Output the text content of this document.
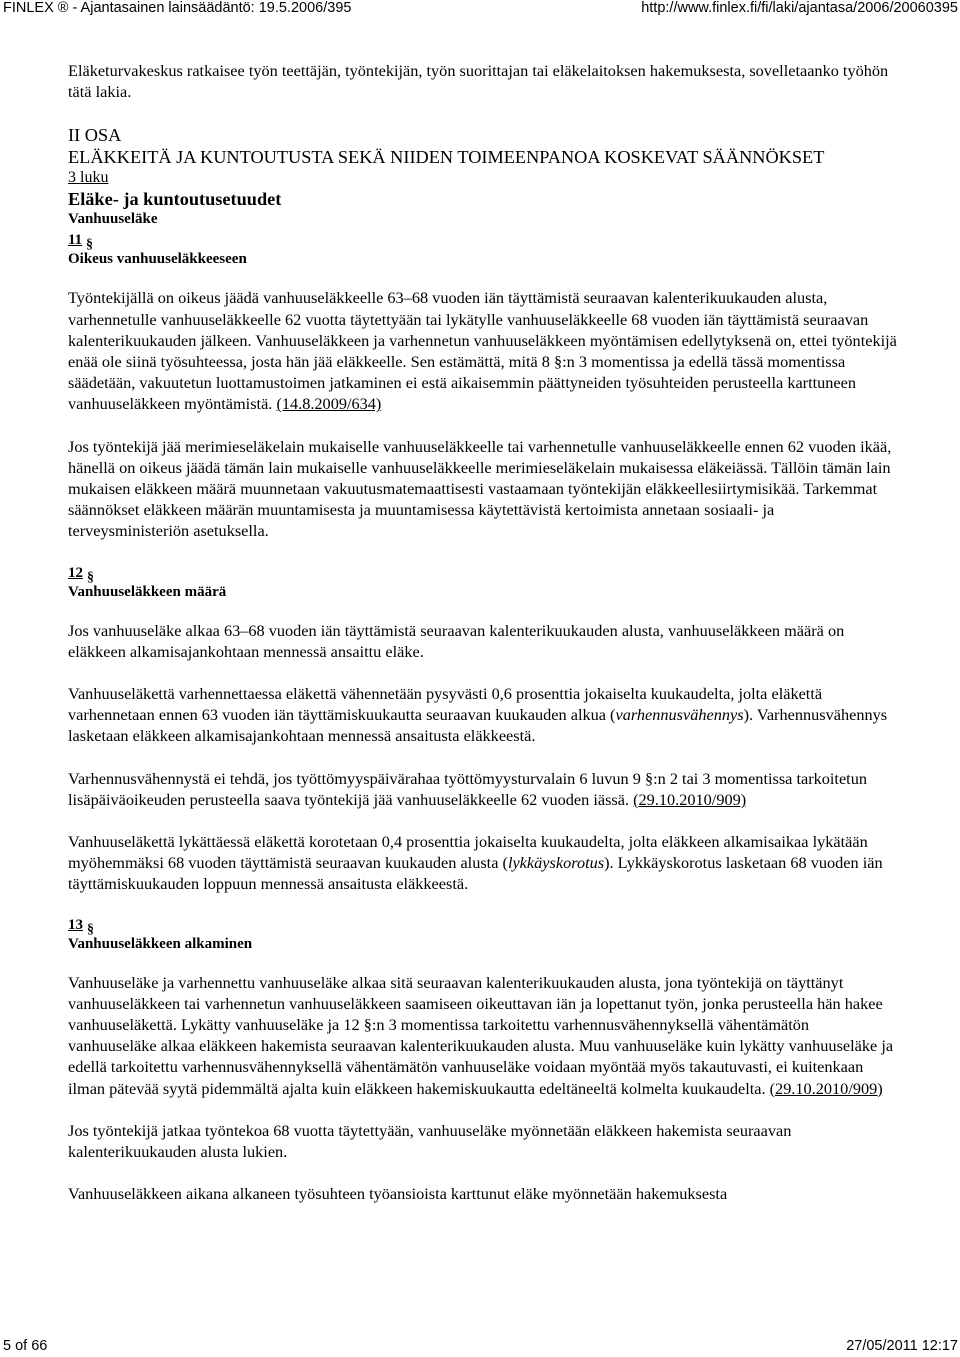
FINLEX ® - Ajantasainen lainsäädäntö: 19.5.2006/395	http://www.finlex.fi/fi/laki/ajantasa/2006/20060395

Eläketurvakeskus ratkaisee työn teettäjän, työntekijän, työn suorittajan tai eläkelaitoksen hakemuksesta, sovelletaanko työhön tätä lakia.

II OSA
ELÄKKEITÄ JA KUNTOUTUSTA SEKÄ NIIDEN TOIMEENPANOA KOSKEVAT SÄÄNNÖKSET
3 luku
Eläke- ja kuntoutusetuudet
Vanhuuseläke
11 §
Oikeus vanhuuseläkkeeseen

Työntekijällä on oikeus jäädä vanhuuseläkkeelle 63–68 vuoden iän täyttämistä seuraavan kalenterikuukauden alusta, varhennetulle vanhuuseläkkeelle 62 vuotta täytettyään tai lykätylle vanhuuseläkkeelle 68 vuoden iän täyttämistä seuraavan kalenterikuukauden jälkeen. Vanhuuseläkkeen ja varhennetun vanhuuseläkkeen myöntämisen edellytyksenä on, ettei työntekijä enää ole siinä työsuhteessa, josta hän jää eläkkeelle. Sen estämättä, mitä 8 §:n 3 momentissa ja edellä tässä momentissa säädetään, vakuutetun luottamustoimen jatkaminen ei estä aikaisemmin päättyneiden työsuhteiden perusteella karttuneen vanhuuseläkkeen myöntämistä. (14.8.2009/634)

Jos työntekijä jää merimieseläkelain mukaiselle vanhuuseläkkeelle tai varhennetulle vanhuuseläkkeelle ennen 62 vuoden ikää, hänellä on oikeus jäädä tämän lain mukaiselle vanhuuseläkkeelle merimieseläkelain mukaisessa eläkeiässä. Tällöin tämän lain mukaisen eläkkeen määrä muunnetaan vakuutusmatemaattisesti vastaamaan työntekijän eläkkeellesiirtymisikää. Tarkemmat säännökset eläkkeen määrän muuntamisesta ja muuntamisessa käytettävistä kertoimista annetaan sosiaali- ja terveysministeriön asetuksella.

12 §
Vanhuuseläkkeen määrä

Jos vanhuuseläke alkaa 63–68 vuoden iän täyttämistä seuraavan kalenterikuukauden alusta, vanhuuseläkkeen määrä on eläkkeen alkamisajankohtaan mennessä ansaittu eläke.

Vanhuuseläkettä varhennettaessa eläkettä vähennetään pysyvästi 0,6 prosenttia jokaiselta kuukaudelta, jolta eläkettä varhennetaan ennen 63 vuoden iän täyttämiskuukautta seuraavan kuukauden alkua (varhennusvähennys). Varhennusvähennys lasketaan eläkkeen alkamisajankohtaan mennessä ansaitusta eläkkeestä.

Varhennusvähennystä ei tehdä, jos työttömyyspäivärahaa työttömyysturvalain 6 luvun 9 §:n 2 tai 3 momentissa tarkoitetun lisäpäiväoikeuden perusteella saava työntekijä jää vanhuuseläkkeelle 62 vuoden iässä. (29.10.2010/909)

Vanhuuseläkettä lykättäessä eläkettä korotetaan 0,4 prosenttia jokaiselta kuukaudelta, jolta eläkkeen alkamisaikaa lykätään myöhemmäksi 68 vuoden täyttämistä seuraavan kuukauden alusta (lykkäyskorotus). Lykkäyskorotus lasketaan 68 vuoden iän täyttämiskuukauden loppuun mennessä ansaitusta eläkkeestä.

13 §
Vanhuuseläkkeen alkaminen

Vanhuuseläke ja varhennettu vanhuuseläke alkaa sitä seuraavan kalenterikuukauden alusta, jona työntekijä on täyttänyt vanhuuseläkkeen tai varhennetun vanhuuseläkkeen saamiseen oikeuttavan iän ja lopettanut työn, jonka perusteella hän hakee vanhuuseläkettä. Lykätty vanhuuseläke ja 12 §:n 3 momentissa tarkoitettu varhennusvähennyksellä vähentämätön vanhuuseläke alkaa eläkkeen hakemista seuraavan kalenterikuukauden alusta. Muu vanhuuseläke kuin lykätty vanhuuseläke ja edellä tarkoitettu varhennusvähennyksellä vähentämätön vanhuuseläke voidaan myöntää myös takautuvasti, ei kuitenkaan ilman pätevää syytä pidemmältä ajalta kuin eläkkeen hakemiskuukautta edeltäneeltä kolmelta kuukaudelta. (29.10.2010/909)

Jos työntekijä jatkaa työntekoa 68 vuotta täytettyään, vanhuuseläke myönnetään eläkkeen hakemista seuraavan kalenterikuukauden alusta lukien.

Vanhuuseläkkeen aikana alkaneen työsuhteen työansioista karttunut eläke myönnetään hakemuksesta

5 of 66	27/05/2011 12:17
